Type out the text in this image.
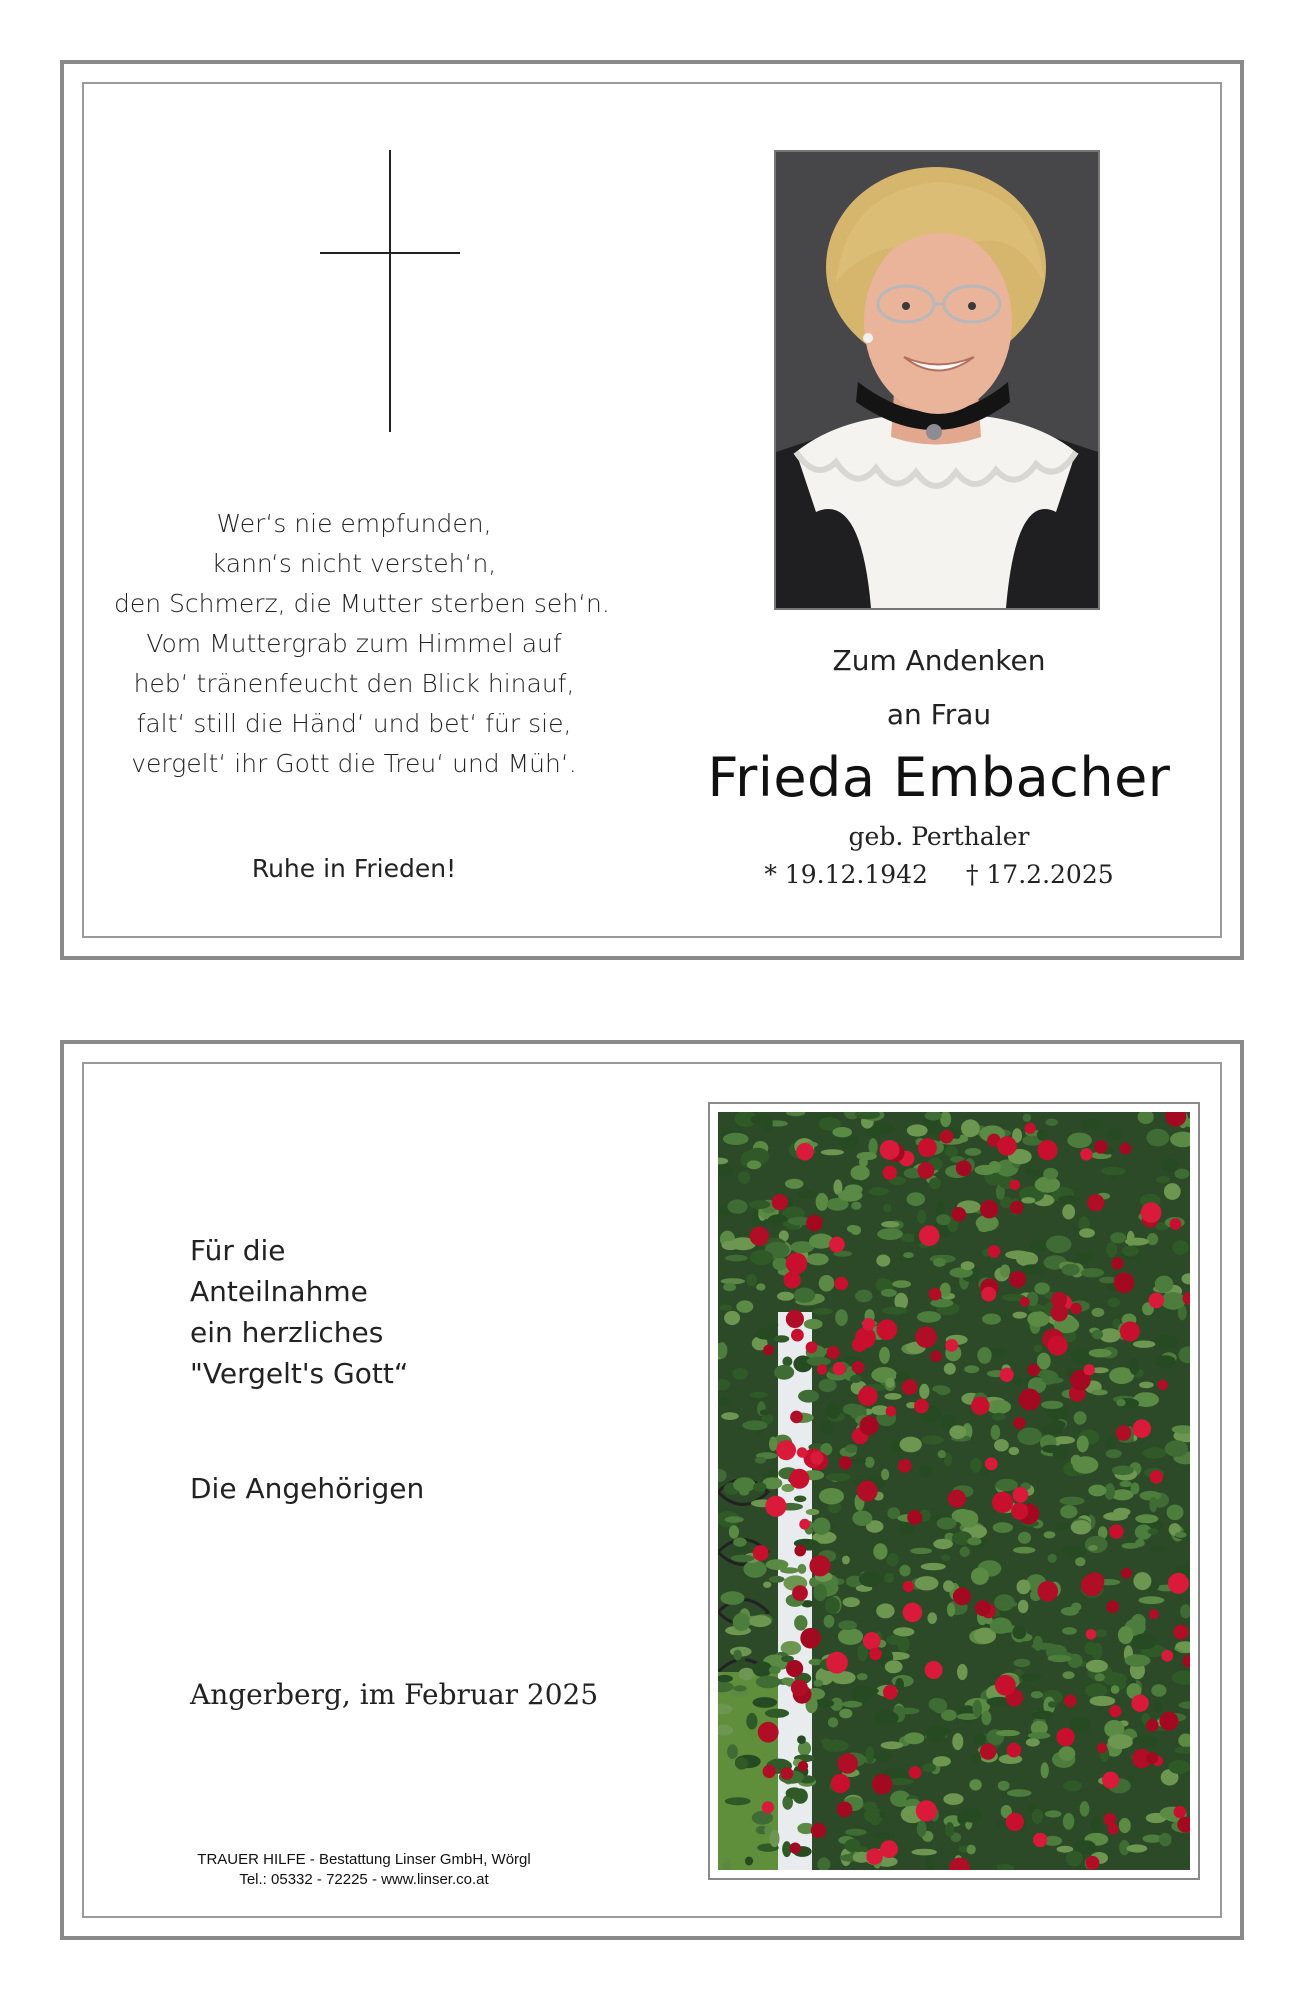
Wer‘s nie empfunden,
kann‘s nicht versteh‘n,
den Schmerz, die Mutter sterben seh‘n.
Vom Muttergrab zum Himmel auf
heb‘ tränenfeucht den Blick hinauf,
falt‘ still die Händ‘ und bet‘ für sie,
vergelt‘ ihr Gott die Treu‘ und Müh‘.
Ruhe in Frieden!
Zum Andenken
an Frau
Frieda Embacher
geb. Perthaler
* 19.12.1942 † 17.2.2025
Für die
Anteilnahme
ein herzliches
"Vergelt's Gott“
Die Angehörigen
Angerberg, im Februar 2025
TRAUER HILFE - Bestattung Linser GmbH, Wörgl
Tel.: 05332 - 72225 - www.linser.co.at
